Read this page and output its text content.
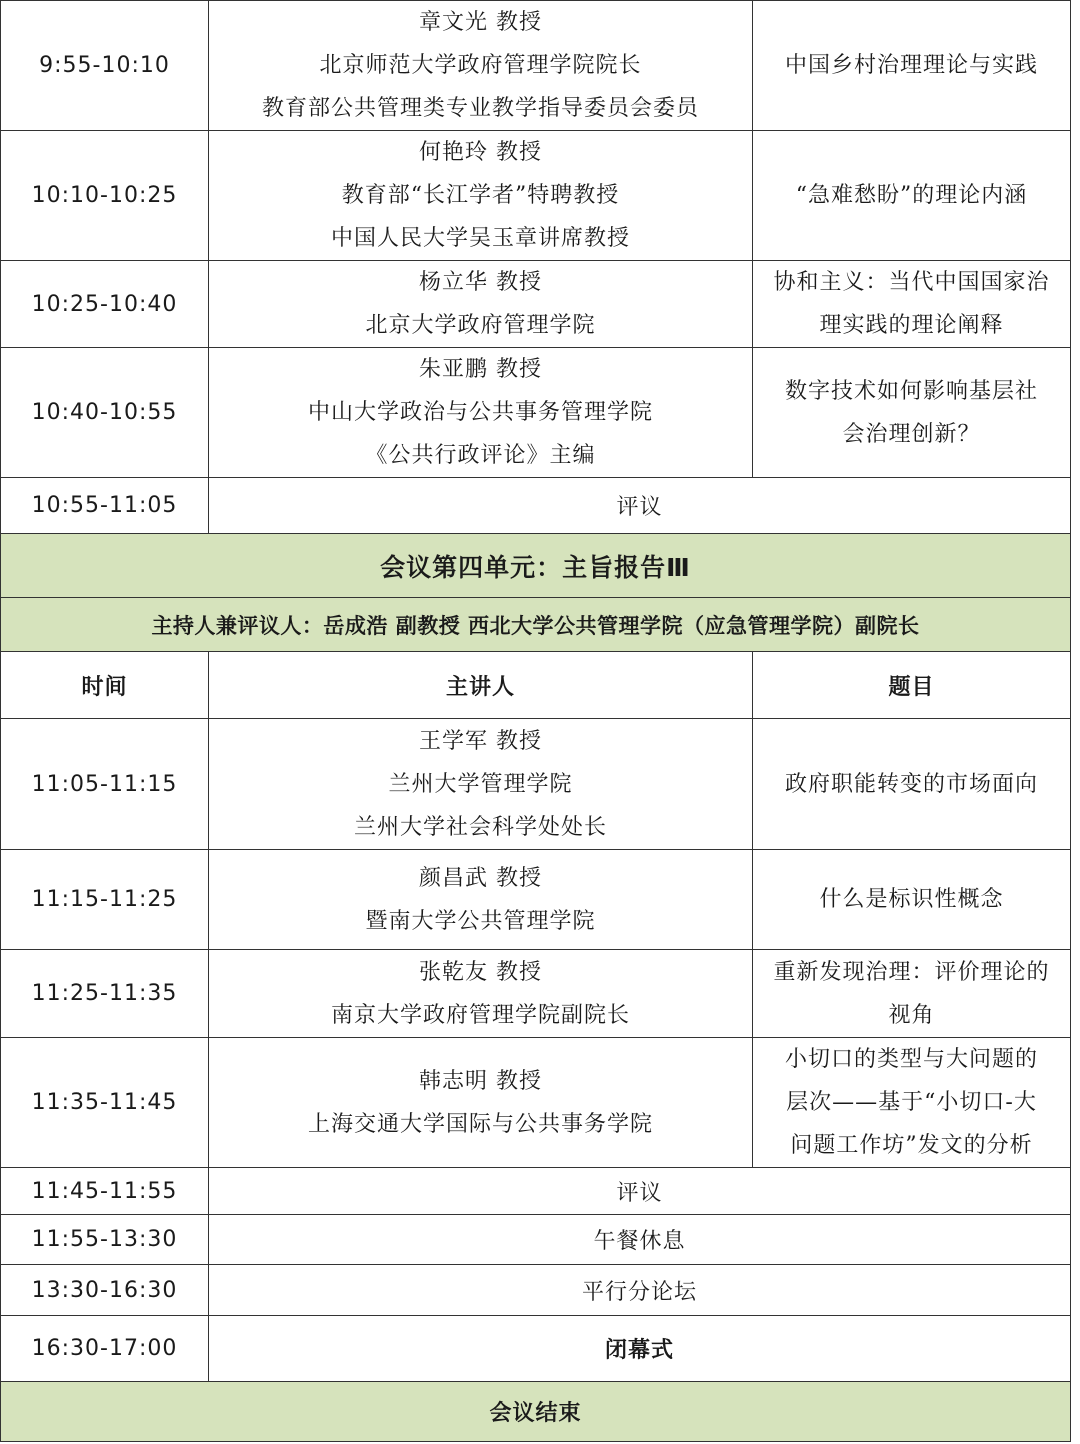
9:55-10:10	章文光 教授
北京师范大学政府管理学院院长
教育部公共管理类专业教学指导委员会委员	中国乡村治理理论与实践

10:10-10:25	何艳玲 教授
教育部“长江学者”特聘教授
中国人民大学吴玉章讲席教授	“急难愁盼”的理论内涵

10:25-10:40	杨立华 教授
北京大学政府管理学院	协和主义：当代中国国家治
理实践的理论阐释

10:40-10:55	朱亚鹏 教授
中山大学政治与公共事务管理学院
《公共行政评论》主编	数字技术如何影响基层社
会治理创新？

10:55-11:05	评议	
会议第四单元：主旨报告Ⅲ		
主持人兼评议人：岳成浩 副教授 西北大学公共管理学院（应急管理学院）副院长		
时间	主讲人	题目
11:05-11:15	王学军 教授
兰州大学管理学院
兰州大学社会科学处处长	政府职能转变的市场面向

11:15-11:25	颜昌武 教授
暨南大学公共管理学院	什么是标识性概念

11:25-11:35	张乾友 教授
南京大学政府管理学院副院长	重新发现治理：评价理论的
视角

11:35-11:45	韩志明 教授
上海交通大学国际与公共事务学院	小切口的类型与大问题的
层次——基于“小切口-大
问题工作坊”发文的分析

11:45-11:55	评议	
11:55-13:30	午餐休息	
13:30-16:30	平行分论坛	
16:30-17:00	闭幕式	
会议结束		
